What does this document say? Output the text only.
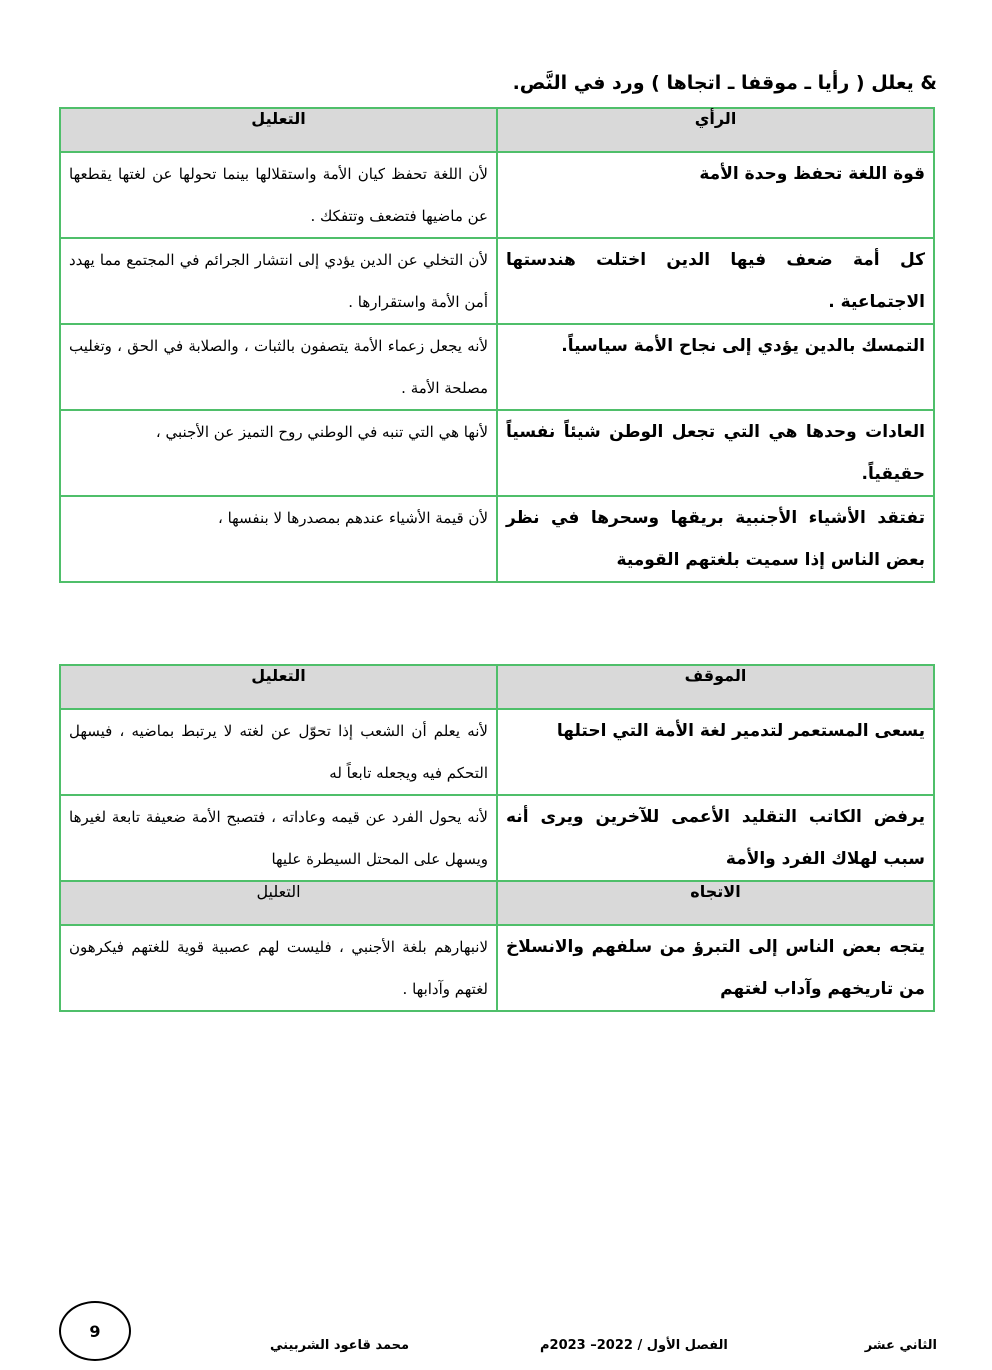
& يعلل ( رأيا ـ موقفا ـ اتجاها ) ورد في النَّص.
الرأي	التعليل
قوة اللغة تحفظ وحدة الأمة	لأن اللغة تحفظ كيان الأمة واستقلالها بينما تحولها عن لغتها يقطعها عن ماضيها فتضعف وتتفكك .
كل أمة ضعف فيها الدين اختلت هندستها الاجتماعية .	لأن التخلي عن الدين يؤدي إلى انتشار الجرائم في المجتمع مما يهدد أمن الأمة واستقرارها .
التمسك بالدين يؤدي إلى نجاح الأمة سياسياً.	لأنه يجعل زعماء الأمة يتصفون بالثبات ، والصلابة في الحق ، وتغليب مصلحة الأمة .
العادات وحدها هي التي تجعل الوطن شيئاً نفسياً حقيقياً.	لأنها هي التي تنبه في الوطني روح التميز عن الأجنبي ،
تفتقد الأشياء الأجنبية بريقها وسحرها في نظر بعض الناس إذا سميت بلغتهم القومية	لأن قيمة الأشياء عندهم بمصدرها لا بنفسها ،
الموقف	التعليل
يسعى المستعمر لتدمير لغة الأمة التي احتلها	لأنه يعلم أن الشعب إذا تحوّل عن لغته لا يرتبط بماضيه ، فيسهل التحكم فيه ويجعله تابعاً له
يرفض الكاتب التقليد الأعمى للآخرين ويرى أنه سبب لهلاك الفرد والأمة	لأنه يحول الفرد عن قيمه وعاداته ، فتصبح الأمة ضعيفة تابعة لغيرها ويسهل على المحتل السيطرة عليها
الاتجاه	التعليل
يتجه بعض الناس إلى التبرؤ من سلفهم والانسلاخ من تاريخهم وآداب لغتهم	لانبهارهم بلغة الأجنبي ، فليست لهم عصبية قوية للغتهم فيكرهون لغتهم وآدابها .
الثاني عشر
الفصل الأول / 2022– 2023م
محمد قاعود الشربيني
9
